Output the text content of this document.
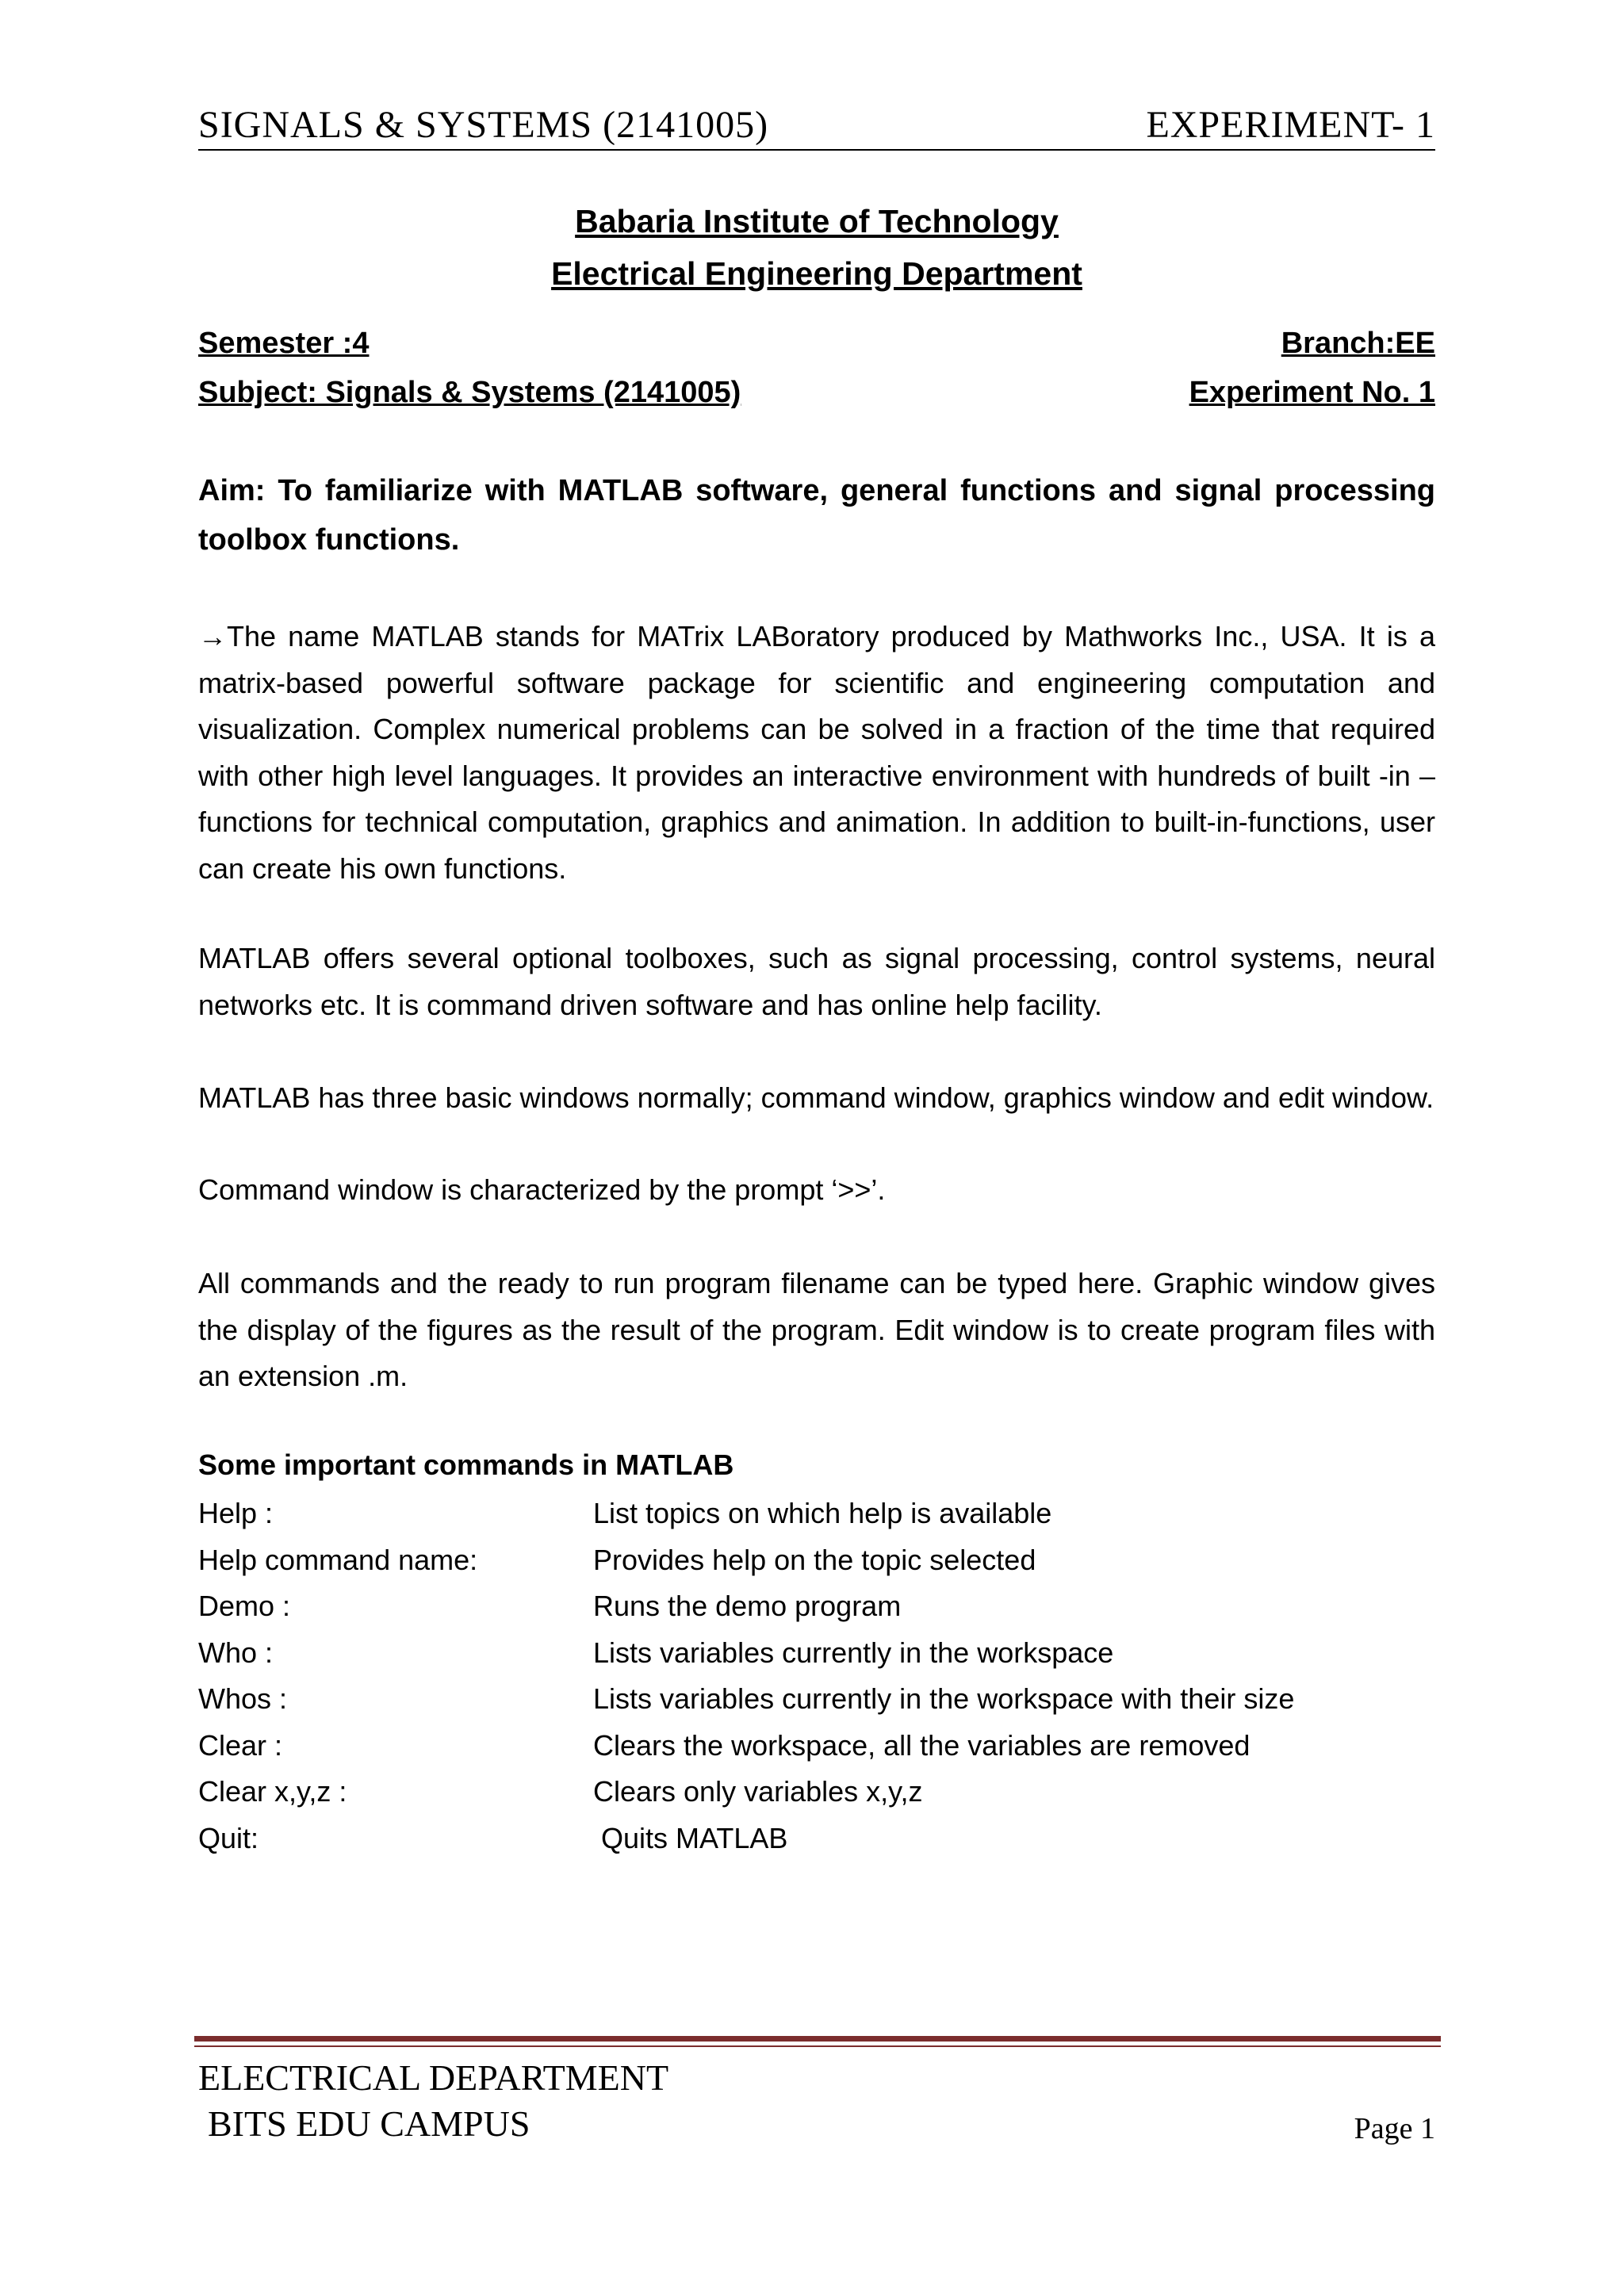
SIGNALS & SYSTEMS (2141005)	EXPERIMENT- 1
Babaria Institute of Technology
Electrical Engineering Department
Semester :4	Branch:EE
Subject: Signals & Systems (2141005)	Experiment No. 1
Aim: To familiarize with MATLAB software, general functions and signal processing toolbox functions.
→The name MATLAB stands for MATrix LABoratory produced by Mathworks Inc., USA. It is a matrix-based powerful software package for scientific and engineering computation and visualization. Complex numerical problems can be solved in a fraction of the time that required with other high level languages. It provides an interactive environment with hundreds of built -in –functions for technical computation, graphics and animation. In addition to built-in-functions, user can create his own functions.
MATLAB offers several optional toolboxes, such as signal processing, control systems, neural networks etc. It is command driven software and has online help facility.
MATLAB has three basic windows normally; command window, graphics window and edit window.
Command window is characterized by the prompt ‘>>’.
All commands and the ready to run program filename can be typed here. Graphic window gives the display of the figures as the result of the program. Edit window is to create program files with an extension .m.
Some important commands in MATLAB
Help :	List topics on which help is available
Help command name:	Provides help on the topic selected
Demo :	Runs the demo program
Who :	Lists variables currently in the workspace
Whos :	Lists variables currently in the workspace with their size
Clear :	Clears the workspace, all the variables are removed
Clear x,y,z :	Clears only variables x,y,z
Quit:	Quits MATLAB
ELECTRICAL DEPARTMENT
BITS EDU CAMPUS	Page 1
